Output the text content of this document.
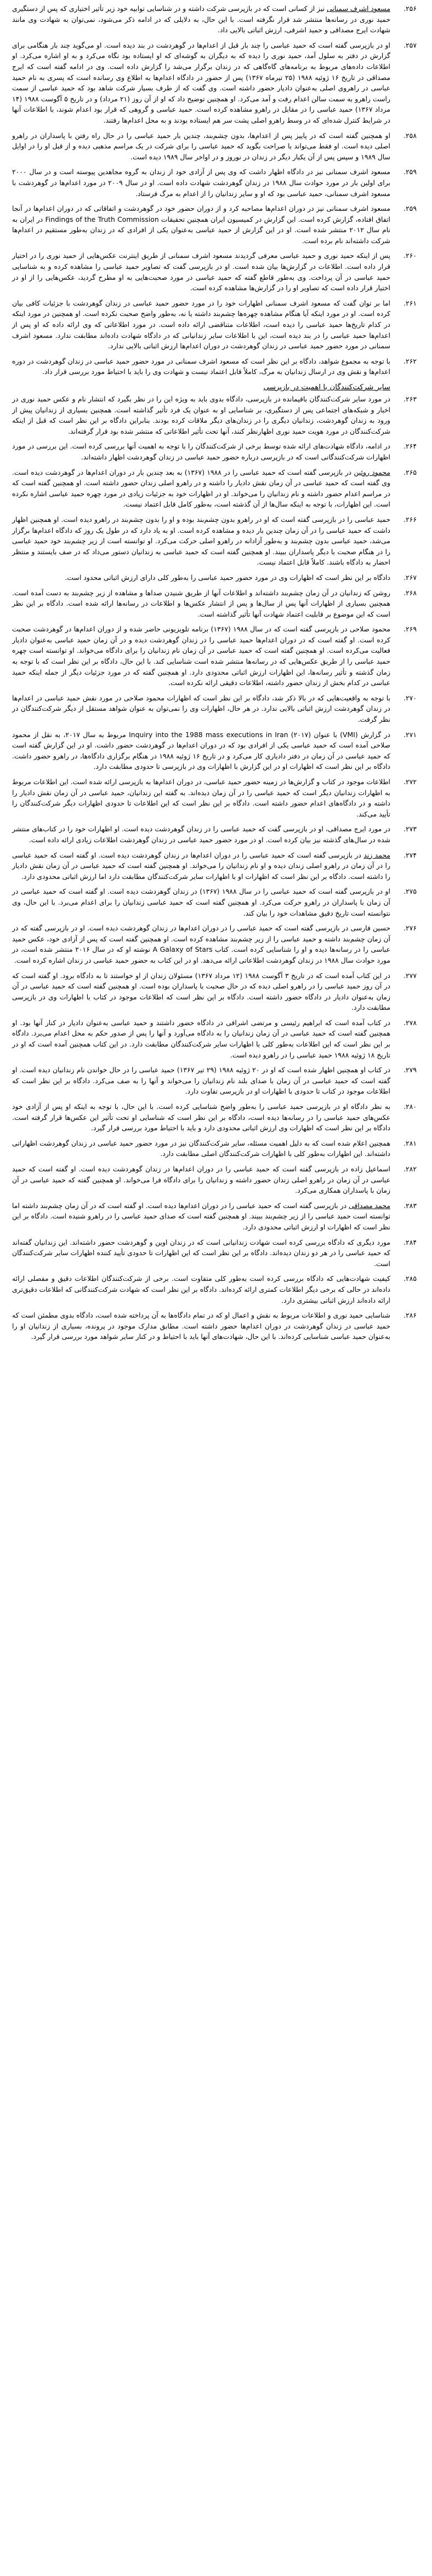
۲۵۶.
مسعود اشرف سمنانی نیز از کسانی است که در بازپرسی شرکت داشته و در شناسایی توابیه خود زیر تأثیر اختیاری که پس از دستگیری حمید نوری در رسانه‌ها منتشر شد قرار نگرفته است. با این حال، به دلایلی که در ادامه ذکر می‌شود، نمی‌توان به شهادت وی مانند شهادت ایرج مصداقی و حمید اشرفی، ارزش اثباتی بالایی داد.
۲۵۷.
او در بازپرسی گفته است که حمید عباسی را چند بار قبل از اعدام‌ها در گوهردشت در بند دیده است. او می‌گوید چند بار هنگامی برای گزارش در دفتر به سلول آمد، حمید نوری را دیده که به دیگران به گوشه‌ای که او ایستاده بود نگاه می‌کرد و به او اشاره می‌کرد. او اطلاعات داده‌های مربوط به برنامه‌های گاه‌گاهی که در زندان برگزار می‌شد را گزارش داده است. وی در ادامه گفته است که ایرج مصداقی در تاریخ ۱۶ ژوئیه ۱۹۸۸ (۲۵ تیرماه ۱۳۶۷) پس از حضور در دادگاه اعدام‌ها به اطلاع وی رسانده است که پسری به نام حمید عباسی در راهروی اصلی به‌عنوان دادیار حضور داشته است. وی گفت که از طرف بسیار شرکت شاهد بود که حمید عباسی از سمت راست راهرو به سمت سالن اعدام رفت و آمد می‌کرد. او همچنین توضیح داد که او از آن روز (۲۱ مرداد) و در تاریخ ۵ آگوست ۱۹۸۸ (۱۴ مرداد ۱۳۶۷) حمید عباسی را در مقابل در راهرو مشاهده کرده است. حمید عباسی و گروهی که قرار بود اعدام شوند، با اطلاعات آنها در شرایط کنترل شده‌ای که در وسط راهرو اصلی پشت سر هم ایستاده بودند و به محل اعدام‌ها رفتند.
۲۵۸.
او همچنین گفته است که در پاییز پس از اعدام‌ها، بدون چشم‌بند، چندین بار حمید عباسی را در حال راه رفتن با پاسداران در راهرو اصلی دیده است. او فقط می‌تواند با صراحت بگوید که حمید عباسی را برای شرکت در یک مراسم مذهبی دیده و از قبل او را در اوایل سال ۱۹۸۹ و سپس پس از آن یکبار دیگر در زندان در نوروز و در اواخر سال ۱۹۸۹ دیده است.
۲۵۹.
مسعود اشرف سمنانی نیز در دادگاه اظهار داشت که وی پس از آزادی خود از زندان به گروه مجاهدین پیوسته است و در سال ۲۰۰۰ برای اولین بار در مورد حوادث سال ۱۹۸۸ در زندان گوهردشت شهادت داده است. او در سال ۲۰۰۹ در مورد اعدام‌ها در گوهردشت با مسعود اشرف سمنانی، حمید عباسی بود که او و سایر زندانیان را از اعدام به مرگ فرستاد.
۲۵۹.
مسعود اشرف سمنانی نیز در دوران اعدام‌ها مصاحبه کرد و از دوران حضور خود در گوهردشت و اتفاقاتی که در دوران اعدام‌ها در آنجا اتفاق افتاده، گزارش کرده است. این گزارش در کمیسیون ایران همچنین تحقیقات Findings of the Truth Commission در ایران به نام سال ۲۰۱۲ منتشر شده است. او در این گزارش از حمید عباسی به‌عنوان یکی از افرادی که در زندان به‌طور مستقیم در اعدام‌ها شرکت داشته‌اند نام برده است.
۲۶۰.
پس از اینکه حمید نوری و حمید عباسی معرفی گردیدند مسعود اشرف سمنانی از طریق اینترنت عکس‌هایی از حمید نوری را در اختیار قرار داده است. اطلاعات در گزارش‌ها بیان شده است. او در بازپرسی گفت که تصاویر حمید عباسی را مشاهده کرده و به شناسایی حمید عباسی در آن پرداخت. وی به‌طور قاطع گفته که حمید عباسی در مورد صحبت‌هایی به او مطرح گردید، عکس‌هایی را از او در اختیار قرار داده است که تصاویر او را در گزارش‌ها مشاهده کرده است.
۲۶۱.
اما بر توان گفت که مسعود اشرف سمنانی اظهارات خود را در مورد حضور حمید عباسی در زندان گوهردشت با جزئیات کافی بیان کرده است. او در مورد اینکه آیا هنگام مشاهده چهره‌ها چشم‌بند داشته یا نه، به‌طور واضح صحبت نکرده است. او همچنین در مورد اینکه در کدام تاریخ‌ها حمید عباسی را دیده است، اطلاعات متناقضی ارائه داده است. در مورد اطلاعاتی که وی ارائه داده که او پس از اعدام‌ها حمید عباسی را در بند دیده است، این با اطلاعات سایر زندانیانی که در دادگاه شهادت داده‌اند مطابقت ندارد. مسعود اشرف سمنانی در مورد حضور حمید عباسی در زندان گوهردشت در دوران اعدام‌ها ارزش اثباتی بالایی ندارد.
۲۶۲.
با توجه به مجموع شواهد، دادگاه بر این نظر است که مسعود اشرف سمنانی در مورد حضور حمید عباسی در زندان گوهردشت در دوره اعدام‌ها و نقش وی در ارسال زندانیان به مرگ، کاملاً قابل اعتماد نیست و شهادت وی را باید با احتیاط مورد بررسی قرار داد.
سایر شرکت‌کنندگان با اهمیت در بازپرسی
۲۶۳.
در مورد سایر شرکت‌کنندگان باقیمانده در بازپرسی، دادگاه بدوی باید به ویژه این را در نظر بگیرد که انتشار نام و عکس حمید نوری در اخبار و شبکه‌های اجتماعی پس از دستگیری، بر شناسایی او به عنوان یک فرد تأثیر گذاشته است. همچنین بسیاری از زندانیان پیش از ورود به زندان گوهردشت، زندانیان دیگری را در زندان‌های دیگر ملاقات کرده بودند. بنابراین دادگاه بر این نظر است که قبل از اینکه شرکت‌کنندگان در مورد هویت حمید نوری اظهارنظر کنند، آنها تحت تأثیر اطلاعاتی که منتشر شده بود قرار گرفته‌اند.
۲۶۴.
در ادامه، دادگاه شهادت‌های ارائه شده توسط برخی از شرکت‌کنندگان را با توجه به اهمیت آنها بررسی کرده است. این بررسی در مورد اظهارات شرکت‌کنندگانی است که در بازپرسی درباره حضور حمید عباسی در زندان گوهردشت اظهار داشته‌اند.
۲۶۵.
محمود روئین در بازپرسی گفته است که حمید عباسی را در ۱۹۸۸ (۱۳۶۷) به بعد چندین بار در دوران اعدام‌ها در گوهردشت دیده است. وی گفته است که حمید عباسی در آن زمان نقش دادیار را داشته و در راهرو اصلی زندان حضور داشته است. او همچنین گفته است که در مراسم اعدام حضور داشته و نام زندانیان را می‌خواند. او در اظهارات خود به جزئیات زیادی در مورد چهره حمید عباسی اشاره نکرده است. این اظهارات، با توجه به اینکه سال‌ها از آن گذشته است، به‌طور کامل قابل اعتماد نیست.
۲۶۶.
حمید عباسی را در بازپرسی گفته است که او در راهرو بدون چشم‌بند بوده و او را بدون چشم‌بند در راهرو دیده است. او همچنین اظهار داشت که حمید عباسی را در آن زمان چندین بار دیده و مشاهده کرده است. او به یاد دارد که در طول یک روز که دادگاه اعدام‌ها برگزار می‌شد، حمید عباسی بدون چشم‌بند و به‌طور آزادانه در راهرو اصلی حرکت می‌کرد. او توانسته است از زیر چشم‌بند خود حمید عباسی را در هنگام صحبت با دیگر پاسداران ببیند. او همچنین گفته است که حمید عباسی به زندانیان دستور می‌داد که در صف بایستند و منتظر احضار به دادگاه باشند. کاملاً قابل اعتماد نیست.
۲۶۷.
دادگاه بر این نظر است که اظهارات وی در مورد حضور حمید عباسی را به‌طور کلی دارای ارزش اثباتی محدود است.
۲۶۸.
روشن که زندانیان در آن زمان چشم‌بند داشته‌اند و اطلاعات آنها از طریق شنیدن صداها و مشاهده از زیر چشم‌بند به دست آمده است. همچنین بسیاری از اظهارات آنها پس از سال‌ها و پس از انتشار عکس‌ها و اطلاعات در رسانه‌ها ارائه شده است. دادگاه بر این نظر است که این موضوع بر قابلیت اعتماد شهادت آنها تأثیر گذاشته است.
۲۶۹.
محمود صلاحی در بازپرسی گفته است که در سال ۱۹۸۸ (۱۳۶۷) برنامه تلویزیونی حاضر شده و از دوران اعدام‌ها در گوهردشت صحبت کرده است. او گفته است که در دوران اعدام‌ها حمید عباسی را در زندان گوهردشت دیده و در آن زمان حمید عباسی به‌عنوان دادیار فعالیت می‌کرده است. او همچنین گفته است که حمید عباسی در آن زمان نام زندانیان را برای دادگاه می‌خواند. او توانسته است چهره حمید عباسی را از طریق عکس‌هایی که در رسانه‌ها منتشر شده است شناسایی کند. با این حال، دادگاه بر این نظر است که با توجه به زمان گذشته و تأثیر رسانه‌ها، این اظهارات ارزش اثباتی محدودی دارد. او همچنین گفته که در مورد جزئیات دیگر از جمله اینکه حمید عباسی در کدام بخش از زندان حضور داشته، اطلاعات دقیقی ارائه نکرده است.
۲۷۰.
با توجه به واقعیت‌هایی که در بالا ذکر شد، دادگاه بر این نظر است که اظهارات محمود صلاحی در مورد نقش حمید عباسی در اعدام‌ها در زندان گوهردشت ارزش اثباتی بالایی ندارد. در هر حال، اظهارات وی را نمی‌توان به عنوان شواهد مستقل از دیگر شرکت‌کنندگان در نظر گرفت.
۲۷۱.
در گزارش (VMI) با عنوان Inquiry into the 1988 mass executions in Iran (۲۰۱۷) مربوط به سال ۲۰۱۷، به نقل از محمود صلاحی آمده است که حمید عباسی یکی از افرادی بود که در دوران اعدام‌ها در گوهردشت حضور داشت. او در این گزارش گفته است که حمید عباسی در آن زمان در دفتر دادیاری کار می‌کرد و در تاریخ ۱۶ ژوئیه ۱۹۸۸ در هنگام برگزاری دادگاه‌ها، در راهرو حضور داشت. دادگاه بر این نظر است که اظهارات او در این گزارش با اظهارات وی در بازپرسی تا حدودی مطابقت دارد.
۲۷۲.
اطلاعات موجود در کتاب و گزارش‌ها در زمینه حضور حمید عباسی، در دوران اعدام‌ها به بازپرسی ارائه شده است. این اطلاعات مربوط به اظهارات زندانیان دیگر است که حمید عباسی را در آن زمان دیده‌اند. به گفته این زندانیان، حمید عباسی در آن زمان نقش دادیار را داشته و در دادگاه‌های اعدام حضور داشته است. دادگاه بر این نظر است که این اطلاعات تا حدودی اظهارات دیگر شرکت‌کنندگان را تأیید می‌کند.
۲۷۳.
در مورد ایرج مصداقی، او در بازپرسی گفت که حمید عباسی را در زندان گوهردشت دیده است. او اظهارات خود را در کتاب‌های منتشر شده در سال‌های گذشته نیز بیان کرده است. او در مورد حضور حمید عباسی در زندان گوهردشت اطلاعات زیادی ارائه داده است.
۲۷۴.
محمد زند در بازپرسی گفته است که حمید عباسی را در دوران اعدام‌ها در زندان گوهردشت دیده است. او گفته است که حمید عباسی را در آن زمان در راهرو اصلی زندان دیده و او نام زندانیان را می‌خواند. او همچنین گفته است که حمید عباسی در آن زمان نقش دادیار را داشته است. دادگاه بر این نظر است که اظهارات او با اظهارات سایر شرکت‌کنندگان مطابقت دارد اما ارزش اثباتی محدودی دارد.
۲۷۵.
او در بازپرسی گفته است که حمید عباسی را در سال ۱۹۸۸ (۱۳۶۷) در زندان گوهردشت دیده است. او گفته است که حمید عباسی در آن زمان با پاسداران در راهرو حرکت می‌کرد. او همچنین گفته است که حمید عباسی زندانیان را برای اعدام می‌برد. با این حال، وی نتوانسته است تاریخ دقیق مشاهدات خود را بیان کند.
۲۷۶.
حسین فارسی در بازپرسی گفته است که حمید عباسی را در دوران اعدام‌ها در زندان گوهردشت دیده است. او در بازپرسی گفته که در آن زمان چشم‌بند داشته و حمید عباسی را از زیر چشم‌بند مشاهده کرده است. او همچنین گفته است که پس از آزادی خود، عکس حمید عباسی را در رسانه‌ها دیده و او را شناسایی کرده است. کتاب A Galaxy of Stars نوشته او که در سال ۲۰۱۶ منتشر شده است، در مورد حوادث سال ۱۹۸۸ در زندان گوهردشت اطلاعاتی ارائه می‌دهد. او در این کتاب به حضور حمید عباسی در زندان اشاره کرده است.
۲۷۷.
در این کتاب آمده است که در تاریخ ۳ آگوست ۱۹۸۸ (۱۲ مرداد ۱۳۶۷) مسئولان زندان از او خواستند تا به دادگاه برود. او گفته است که در آن روز حمید عباسی را در راهرو اصلی دیده که در حال صحبت با پاسداران بوده است. او همچنین گفته است که حمید عباسی در آن زمان به‌عنوان دادیار در دادگاه حضور داشته است. دادگاه بر این نظر است که اطلاعات موجود در کتاب با اظهارات وی در بازپرسی مطابقت دارد.
۲۷۸.
در کتاب آمده است که ابراهیم رئیسی و مرتضی اشراقی در دادگاه حضور داشتند و حمید عباسی به‌عنوان دادیار در کنار آنها بود. او همچنین گفته است که حمید عباسی در آن زمان زندانیان را به دادگاه می‌آورد و آنها را پس از صدور حکم به محل اعدام می‌برد. دادگاه بر این نظر است که این اطلاعات به‌طور کلی با اظهارات سایر شرکت‌کنندگان مطابقت دارد. در این کتاب همچنین آمده است که او در تاریخ ۱۸ ژوئیه ۱۹۸۸ حمید عباسی را در راهرو دیده است.
۲۷۹.
در کتاب او همچنین اظهار شده است که او در ۲۰ ژوئیه ۱۹۸۸ (۲۹ تیر ۱۳۶۷) حمید عباسی را در حال خواندن نام زندانیان دیده است. او گفته است که حمید عباسی در آن زمان با صدای بلند نام زندانیان را می‌خواند و آنها را به صف می‌کرد. دادگاه بر این نظر است که اطلاعات موجود در کتاب تا حدودی با اظهارات او در بازپرسی تفاوت دارد.
۲۸۰.
به نظر دادگاه او در بازپرسی حمید عباسی را به‌طور واضح شناسایی کرده است. با این حال، با توجه به اینکه او پس از آزادی خود عکس‌های حمید عباسی را در رسانه‌ها دیده است، دادگاه بر این نظر است که شناسایی او تحت تأثیر این عکس‌ها قرار گرفته است. دادگاه بر این نظر است که اظهارات وی ارزش اثباتی محدودی دارد و باید با احتیاط مورد بررسی قرار گیرد.
۲۸۱.
همچنین اعلام شده است که به دلیل اهمیت مسئله، سایر شرکت‌کنندگان نیز در مورد حضور حمید عباسی در زندان گوهردشت اظهاراتی داشته‌اند. این اظهارات به‌طور کلی با اظهارات شرکت‌کنندگان اصلی مطابقت دارد.
۲۸۲.
اسماعیل زاده در بازپرسی گفته است که حمید عباسی را در دوران اعدام‌ها در زندان گوهردشت دیده است. او گفته است که حمید عباسی در آن زمان در راهرو اصلی زندان حضور داشته و زندانیان را برای دادگاه فرا می‌خواند. او همچنین گفته که حمید عباسی در آن زمان با پاسداران همکاری می‌کرد.
۲۸۳.
محمد مصداقی در بازپرسی گفته است که حمید عباسی را در دوران اعدام‌ها دیده است. او گفته است که در آن زمان چشم‌بند داشته اما توانسته است حمید عباسی را از زیر چشم‌بند ببیند. او همچنین گفته است که صدای حمید عباسی را در راهرو شنیده است. دادگاه بر این نظر است که اظهارات او ارزش اثباتی محدودی دارد.
۲۸۴.
مورد دیگری که دادگاه بررسی کرده است شهادت زندانیانی است که در زندان اوین و گوهردشت حضور داشته‌اند. این زندانیان گفته‌اند که حمید عباسی را در هر دو زندان دیده‌اند. دادگاه بر این نظر است که این اظهارات تا حدودی تأیید کننده اظهارات سایر شرکت‌کنندگان است.
۲۸۵.
کیفیت شهادت‌هایی که دادگاه بررسی کرده است به‌طور کلی متفاوت است. برخی از شرکت‌کنندگان اطلاعات دقیق و مفصلی ارائه داده‌اند در حالی که برخی دیگر اطلاعات کمتری ارائه کرده‌اند. دادگاه بر این نظر است که شهادت شرکت‌کنندگانی که اطلاعات دقیق‌تری ارائه داده‌اند ارزش اثباتی بیشتری دارد.
۲۸۶.
شناسایی حمید نوری و اطلاعات مربوط به نقش و اعمال او که در تمام دادگاه‌ها به آن پرداخته شده است، دادگاه بدوی مطمئن است که حمید عباسی در زندان گوهردشت در دوران اعدام‌ها حضور داشته است. مطابق مدارک موجود در پرونده، بسیاری از زندانیان او را به‌عنوان حمید عباسی شناسایی کرده‌اند. با این حال، شهادت‌های آنها باید با احتیاط و در کنار سایر شواهد مورد بررسی قرار گیرد.
